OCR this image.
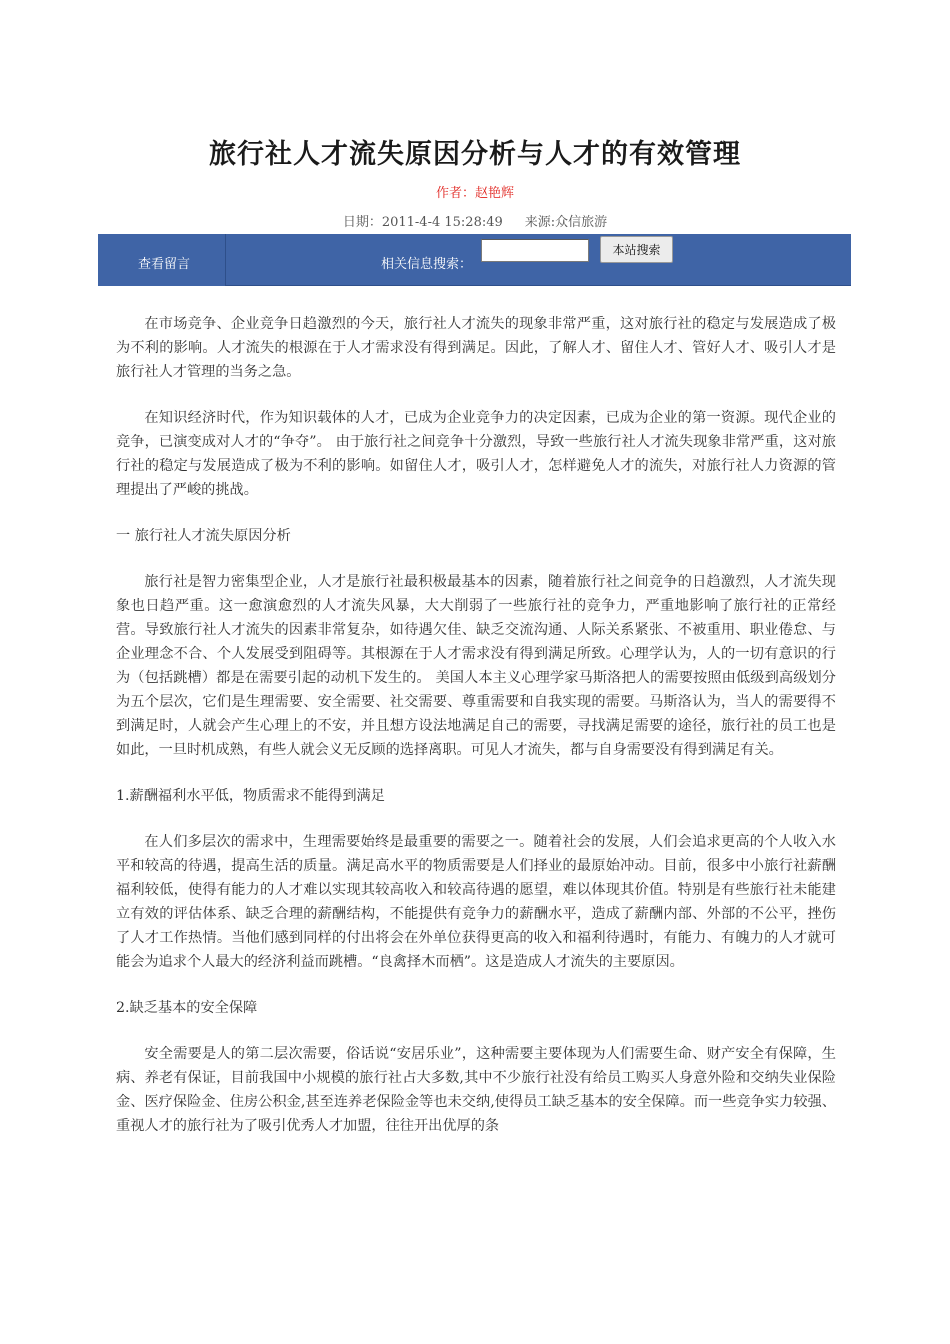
旅行社人才流失原因分析与人才的有效管理
作者：赵艳辉
日期：2011-4-4 15:28:49 来源:众信旅游
查看留言	相关信息搜索：
本站搜索

在市场竞争、企业竞争日趋激烈的今天，旅行社人才流失的现象非常严重，这对旅行社的稳定与发展造成了极为不利的影响。人才流失的根源在于人才需求没有得到满足。因此，了解人才、留住人才、管好人才、吸引人才是旅行社人才管理的当务之急。

在知识经济时代，作为知识载体的人才，已成为企业竞争力的决定因素，已成为企业的第一资源。现代企业的竞争，已演变成对人才的“争夺”。 由于旅行社之间竞争十分激烈，导致一些旅行社人才流失现象非常严重，这对旅行社的稳定与发展造成了极为不利的影响。如留住人才，吸引人才，怎样避免人才的流失，对旅行社人力资源的管理提出了严峻的挑战。

一 旅行社人才流失原因分析

旅行社是智力密集型企业，人才是旅行社最积极最基本的因素，随着旅行社之间竞争的日趋激烈，人才流失现象也日趋严重。这一愈演愈烈的人才流失风暴，大大削弱了一些旅行社的竞争力，严重地影响了旅行社的正常经营。导致旅行社人才流失的因素非常复杂，如待遇欠佳、缺乏交流沟通、人际关系紧张、不被重用、职业倦怠、与企业理念不合、个人发展受到阻碍等。其根源在于人才需求没有得到满足所致。心理学认为，人的一切有意识的行为（包括跳槽）都是在需要引起的动机下发生的。 美国人本主义心理学家马斯洛把人的需要按照由低级到高级划分为五个层次，它们是生理需要、安全需要、社交需要、尊重需要和自我实现的需要。马斯洛认为，当人的需要得不到满足时，人就会产生心理上的不安，并且想方设法地满足自己的需要，寻找满足需要的途径，旅行社的员工也是如此，一旦时机成熟，有些人就会义无反顾的选择离职。可见人才流失，都与自身需要没有得到满足有关。

1.薪酬福利水平低，物质需求不能得到满足

在人们多层次的需求中，生理需要始终是最重要的需要之一。随着社会的发展，人们会追求更高的个人收入水平和较高的待遇，提高生活的质量。满足高水平的物质需要是人们择业的最原始冲动。目前，很多中小旅行社薪酬福利较低，使得有能力的人才难以实现其较高收入和较高待遇的愿望，难以体现其价值。特别是有些旅行社未能建立有效的评估体系、缺乏合理的薪酬结构，不能提供有竞争力的薪酬水平，造成了薪酬内部、外部的不公平，挫伤了人才工作热情。当他们感到同样的付出将会在外单位获得更高的收入和福利待遇时，有能力、有魄力的人才就可能会为追求个人最大的经济利益而跳槽。“良禽择木而栖”。这是造成人才流失的主要原因。

2.缺乏基本的安全保障

安全需要是人的第二层次需要，俗话说“安居乐业”，这种需要主要体现为人们需要生命、财产安全有保障，生病、养老有保证，目前我国中小规模的旅行社占大多数,其中不少旅行社没有给员工购买人身意外险和交纳失业保险金、医疗保险金、住房公积金,甚至连养老保险金等也未交纳,使得员工缺乏基本的安全保障。而一些竞争实力较强、重视人才的旅行社为了吸引优秀人才加盟，往往开出优厚的条
